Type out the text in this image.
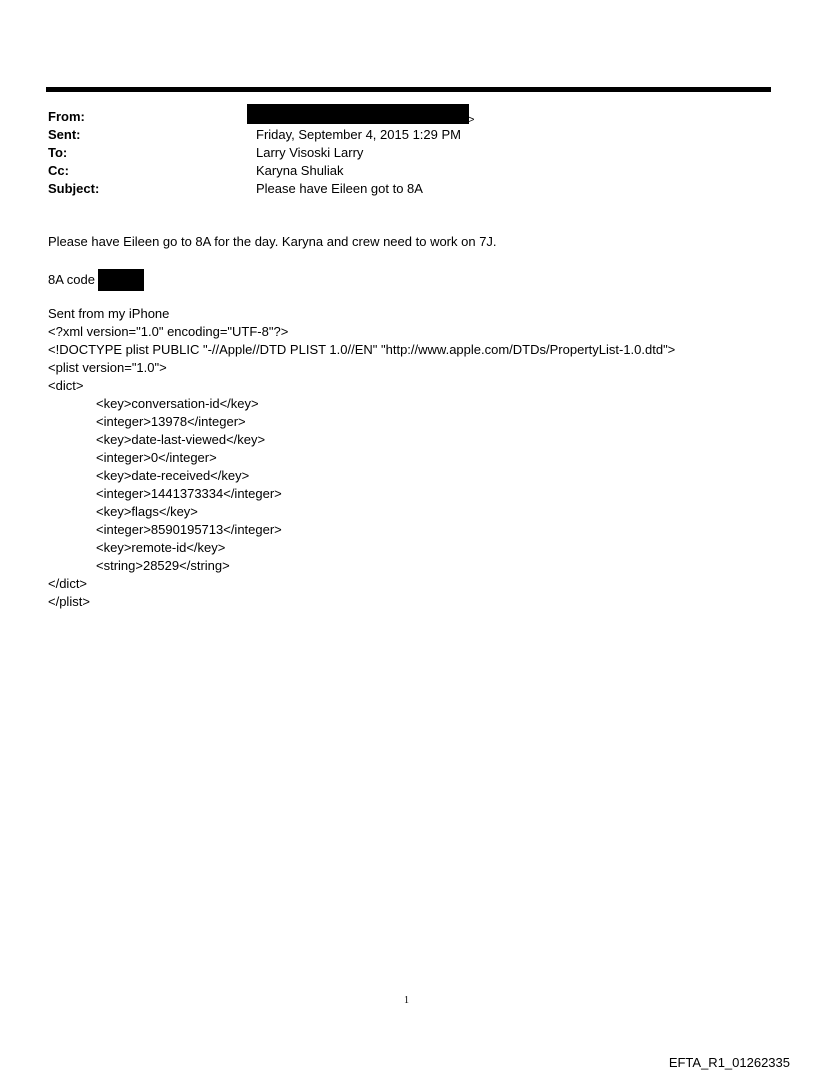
From:	>
Sent:	Friday, September 4, 2015 1:29 PM
To:	Larry Visoski Larry
Cc:	Karyna Shuliak
Subject:	Please have Eileen got to 8A

Please have Eileen go to 8A for the day. Karyna and crew need to work on 7J.

8A code

Sent from my iPhone

<?xml version="1.0" encoding="UTF-8"?>

<!DOCTYPE plist PUBLIC "-//Apple//DTD PLIST 1.0//EN" "http://www.apple.com/DTDs/PropertyList-1.0.dtd">

<plist version="1.0">

<dict>

<key>conversation-id</key>

<integer>13978</integer>

<key>date-last-viewed</key>

<integer>0</integer>

<key>date-received</key>

<integer>1441373334</integer>

<key>flags</key>

<integer>8590195713</integer>

<key>remote-id</key>

<string>28529</string>

</dict>

</plist>

1
EFTA_R1_01262335
